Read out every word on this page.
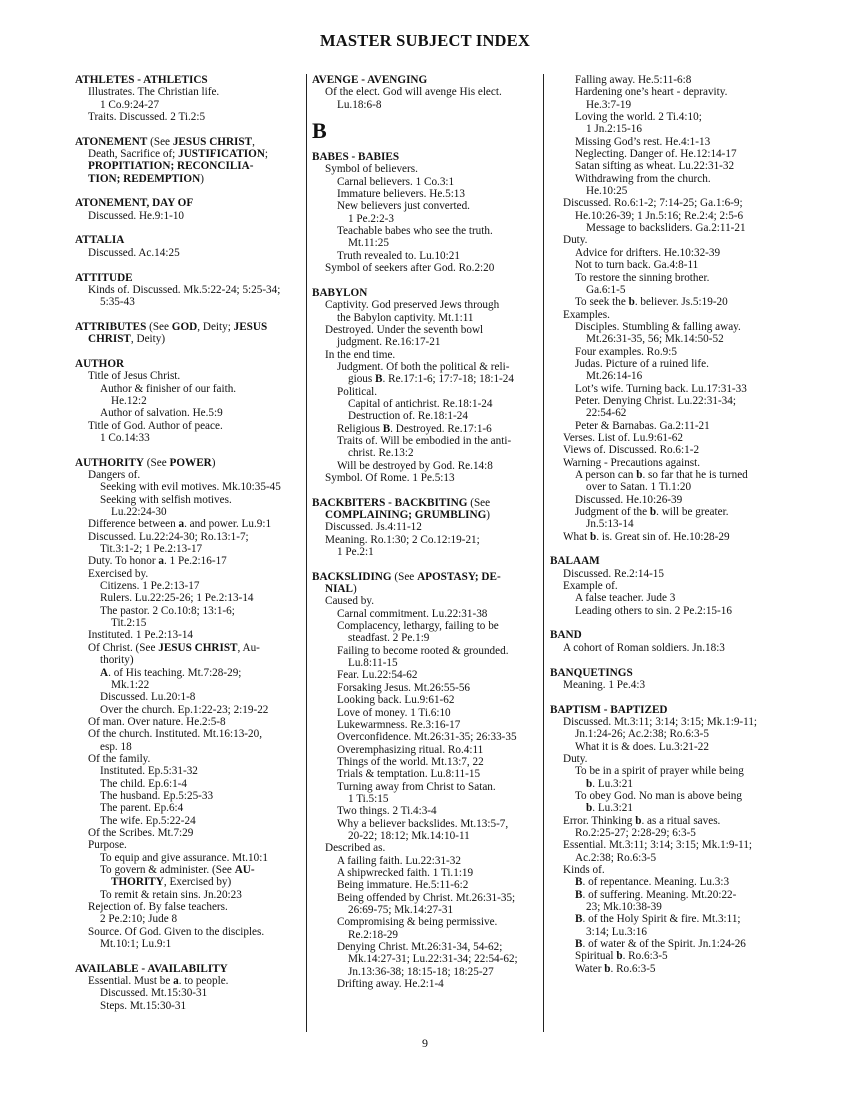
MASTER SUBJECT INDEX
ATHLETES - ATHLETICS
Illustrates. The Christian life.
1 Co.9:24-27
Traits. Discussed. 2 Ti.2:5
ATONEMENT (See JESUS CHRIST,
Death, Sacrifice of; JUSTIFICATION;
PROPITIATION; RECONCILIA-
TION; REDEMPTION)
ATONEMENT, DAY OF
Discussed. He.9:1-10
ATTALIA
Discussed. Ac.14:25
ATTITUDE
Kinds of. Discussed. Mk.5:22-24; 5:25-34;
5:35-43
ATTRIBUTES (See GOD, Deity; JESUS
CHRIST, Deity)
AUTHOR
Title of Jesus Christ.
Author & finisher of our faith.
He.12:2
Author of salvation. He.5:9
Title of God. Author of peace.
1 Co.14:33
AUTHORITY (See POWER)
Dangers of.
Seeking with evil motives. Mk.10:35-45
Seeking with selfish motives.
Lu.22:24-30
Difference between a. and power. Lu.9:1
Discussed. Lu.22:24-30; Ro.13:1-7;
Tit.3:1-2; 1 Pe.2:13-17
Duty. To honor a. 1 Pe.2:16-17
Exercised by.
Citizens. 1 Pe.2:13-17
Rulers. Lu.22:25-26; 1 Pe.2:13-14
The pastor. 2 Co.10:8; 13:1-6;
Tit.2:15
Instituted. 1 Pe.2:13-14
Of Christ. (See JESUS CHRIST, Au-
thority)
A. of His teaching. Mt.7:28-29;
Mk.1:22
Discussed. Lu.20:1-8
Over the church. Ep.1:22-23; 2:19-22
Of man. Over nature. He.2:5-8
Of the church. Instituted. Mt.16:13-20,
esp. 18
Of the family.
Instituted. Ep.5:31-32
The child. Ep.6:1-4
The husband. Ep.5:25-33
The parent. Ep.6:4
The wife. Ep.5:22-24
Of the Scribes. Mt.7:29
Purpose.
To equip and give assurance. Mt.10:1
To govern & administer. (See AU-
THORITY, Exercised by)
To remit & retain sins. Jn.20:23
Rejection of. By false teachers.
2 Pe.2:10; Jude 8
Source. Of God. Given to the disciples.
Mt.10:1; Lu.9:1
AVAILABLE - AVAILABILITY
Essential. Must be a. to people.
Discussed. Mt.15:30-31
Steps. Mt.15:30-31
AVENGE - AVENGING
Of the elect. God will avenge His elect.
Lu.18:6-8
B
BABES - BABIES
Symbol of believers.
Carnal believers. 1 Co.3:1
Immature believers. He.5:13
New believers just converted.
1 Pe.2:2-3
Teachable babes who see the truth.
Mt.11:25
Truth revealed to. Lu.10:21
Symbol of seekers after God. Ro.2:20
BABYLON
Captivity. God preserved Jews through
the Babylon captivity. Mt.1:11
Destroyed. Under the seventh bowl
judgment. Re.16:17-21
In the end time.
Judgment. Of both the political & reli-
gious B. Re.17:1-6; 17:7-18; 18:1-24
Political.
Capital of antichrist. Re.18:1-24
Destruction of. Re.18:1-24
Religious B. Destroyed. Re.17:1-6
Traits of. Will be embodied in the anti-
christ. Re.13:2
Will be destroyed by God. Re.14:8
Symbol. Of Rome. 1 Pe.5:13
BACKBITERS - BACKBITING (See
COMPLAINING; GRUMBLING)
Discussed. Js.4:11-12
Meaning. Ro.1:30; 2 Co.12:19-21;
1 Pe.2:1
BACKSLIDING (See APOSTASY; DE-
NIAL)
Caused by.
Carnal commitment. Lu.22:31-38
Complacency, lethargy, failing to be
steadfast. 2 Pe.1:9
Failing to become rooted & grounded.
Lu.8:11-15
Fear. Lu.22:54-62
Forsaking Jesus. Mt.26:55-56
Looking back. Lu.9:61-62
Love of money. 1 Ti.6:10
Lukewarmness. Re.3:16-17
Overconfidence. Mt.26:31-35; 26:33-35
Overemphasizing ritual. Ro.4:11
Things of the world. Mt.13:7, 22
Trials & temptation. Lu.8:11-15
Turning away from Christ to Satan.
1 Ti.5:15
Two things. 2 Ti.4:3-4
Why a believer backslides. Mt.13:5-7,
20-22; 18:12; Mk.14:10-11
Described as.
A failing faith. Lu.22:31-32
A shipwrecked faith. 1 Ti.1:19
Being immature. He.5:11-6:2
Being offended by Christ. Mt.26:31-35;
26:69-75; Mk.14:27-31
Compromising & being permissive.
Re.2:18-29
Denying Christ. Mt.26:31-34, 54-62;
Mk.14:27-31; Lu.22:31-34; 22:54-62;
Jn.13:36-38; 18:15-18; 18:25-27
Drifting away. He.2:1-4
Falling away. He.5:11-6:8
Hardening one’s heart - depravity.
He.3:7-19
Loving the world. 2 Ti.4:10;
1 Jn.2:15-16
Missing God’s rest. He.4:1-13
Neglecting. Danger of. He.12:14-17
Satan sifting as wheat. Lu.22:31-32
Withdrawing from the church.
He.10:25
Discussed. Ro.6:1-2; 7:14-25; Ga.1:6-9;
He.10:26-39; 1 Jn.5:16; Re.2:4; 2:5-6
Message to backsliders. Ga.2:11-21
Duty.
Advice for drifters. He.10:32-39
Not to turn back. Ga.4:8-11
To restore the sinning brother.
Ga.6:1-5
To seek the b. believer. Js.5:19-20
Examples.
Disciples. Stumbling & falling away.
Mt.26:31-35, 56; Mk.14:50-52
Four examples. Ro.9:5
Judas. Picture of a ruined life.
Mt.26:14-16
Lot’s wife. Turning back. Lu.17:31-33
Peter. Denying Christ. Lu.22:31-34;
22:54-62
Peter & Barnabas. Ga.2:11-21
Verses. List of. Lu.9:61-62
Views of. Discussed. Ro.6:1-2
Warning - Precautions against.
A person can b. so far that he is turned
over to Satan. 1 Ti.1:20
Discussed. He.10:26-39
Judgment of the b. will be greater.
Jn.5:13-14
What b. is. Great sin of. He.10:28-29
BALAAM
Discussed. Re.2:14-15
Example of.
A false teacher. Jude 3
Leading others to sin. 2 Pe.2:15-16
BAND
A cohort of Roman soldiers. Jn.18:3
BANQUETINGS
Meaning. 1 Pe.4:3
BAPTISM - BAPTIZED
Discussed. Mt.3:11; 3:14; 3:15; Mk.1:9-11;
Jn.1:24-26; Ac.2:38; Ro.6:3-5
What it is & does. Lu.3:21-22
Duty.
To be in a spirit of prayer while being
b. Lu.3:21
To obey God. No man is above being
b. Lu.3:21
Error. Thinking b. as a ritual saves.
Ro.2:25-27; 2:28-29; 6:3-5
Essential. Mt.3:11; 3:14; 3:15; Mk.1:9-11;
Ac.2:38; Ro.6:3-5
Kinds of.
B. of repentance. Meaning. Lu.3:3
B. of suffering. Meaning. Mt.20:22-
23; Mk.10:38-39
B. of the Holy Spirit & fire. Mt.3:11;
3:14; Lu.3:16
B. of water & of the Spirit. Jn.1:24-26
Spiritual b. Ro.6:3-5
Water b. Ro.6:3-5
9
